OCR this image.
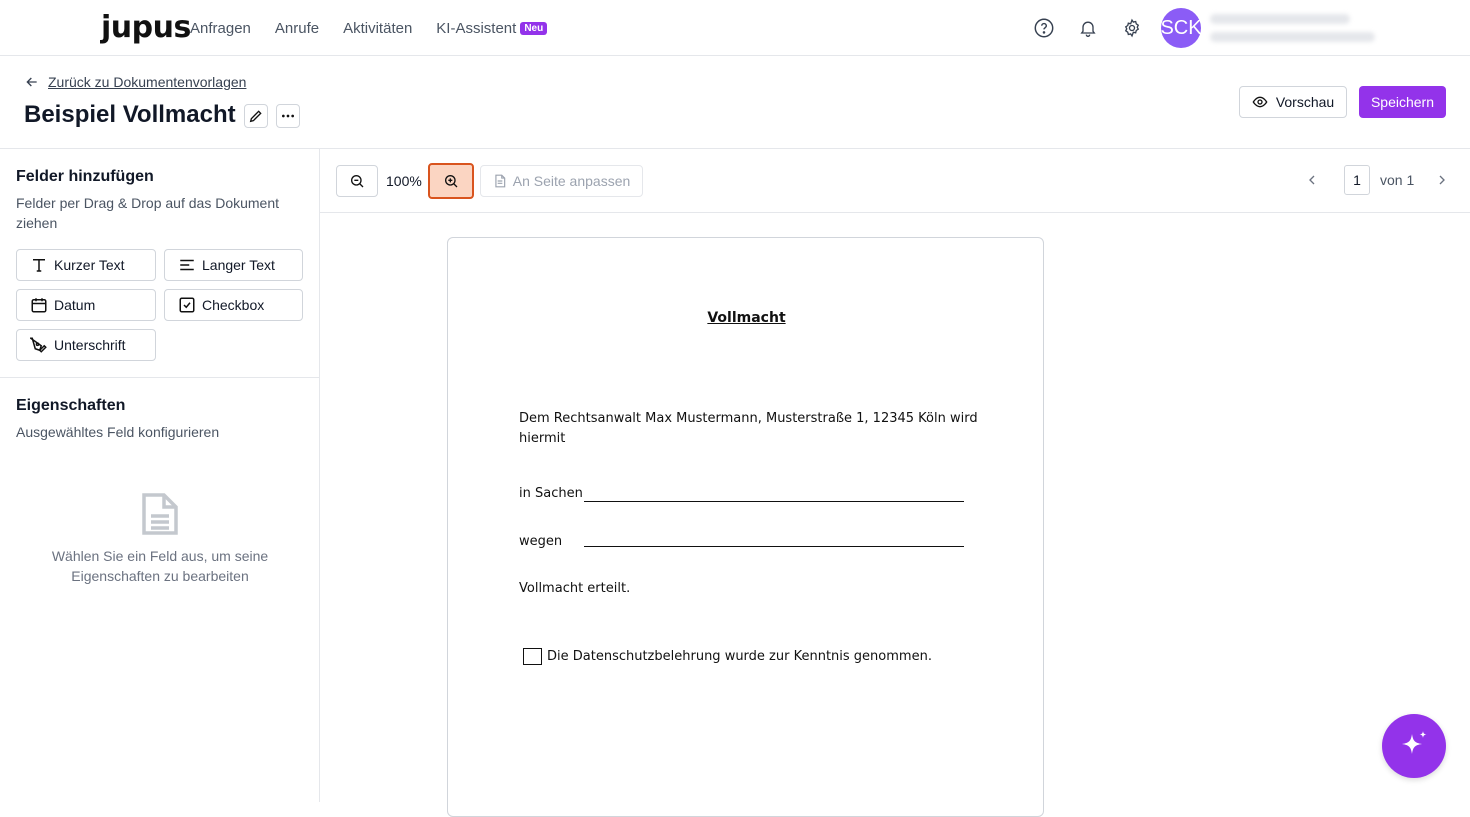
jupus Anfragen Anrufe Aktivitäten KI-Assistent Neu	SCK
Zurück zu Dokumentenvorlagen
Beispiel Vollmacht	Vorschau	Speichern
Felder hinzufügen
Felder per Drag & Drop auf das Dokument ziehen
Kurzer Text	Langer Text
Datum	Checkbox
Unterschrift
Eigenschaften
Ausgewähltes Feld konfigurieren
Wählen Sie ein Feld aus, um seine Eigenschaften zu bearbeiten
100%	An Seite anpassen	1	von 1
Vollmacht
Dem Rechtsanwalt Max Mustermann, Musterstraße 1, 12345 Köln wird
hiermit
in Sachen
wegen
Vollmacht erteilt.
Die Datenschutzbelehrung wurde zur Kenntnis genommen.
